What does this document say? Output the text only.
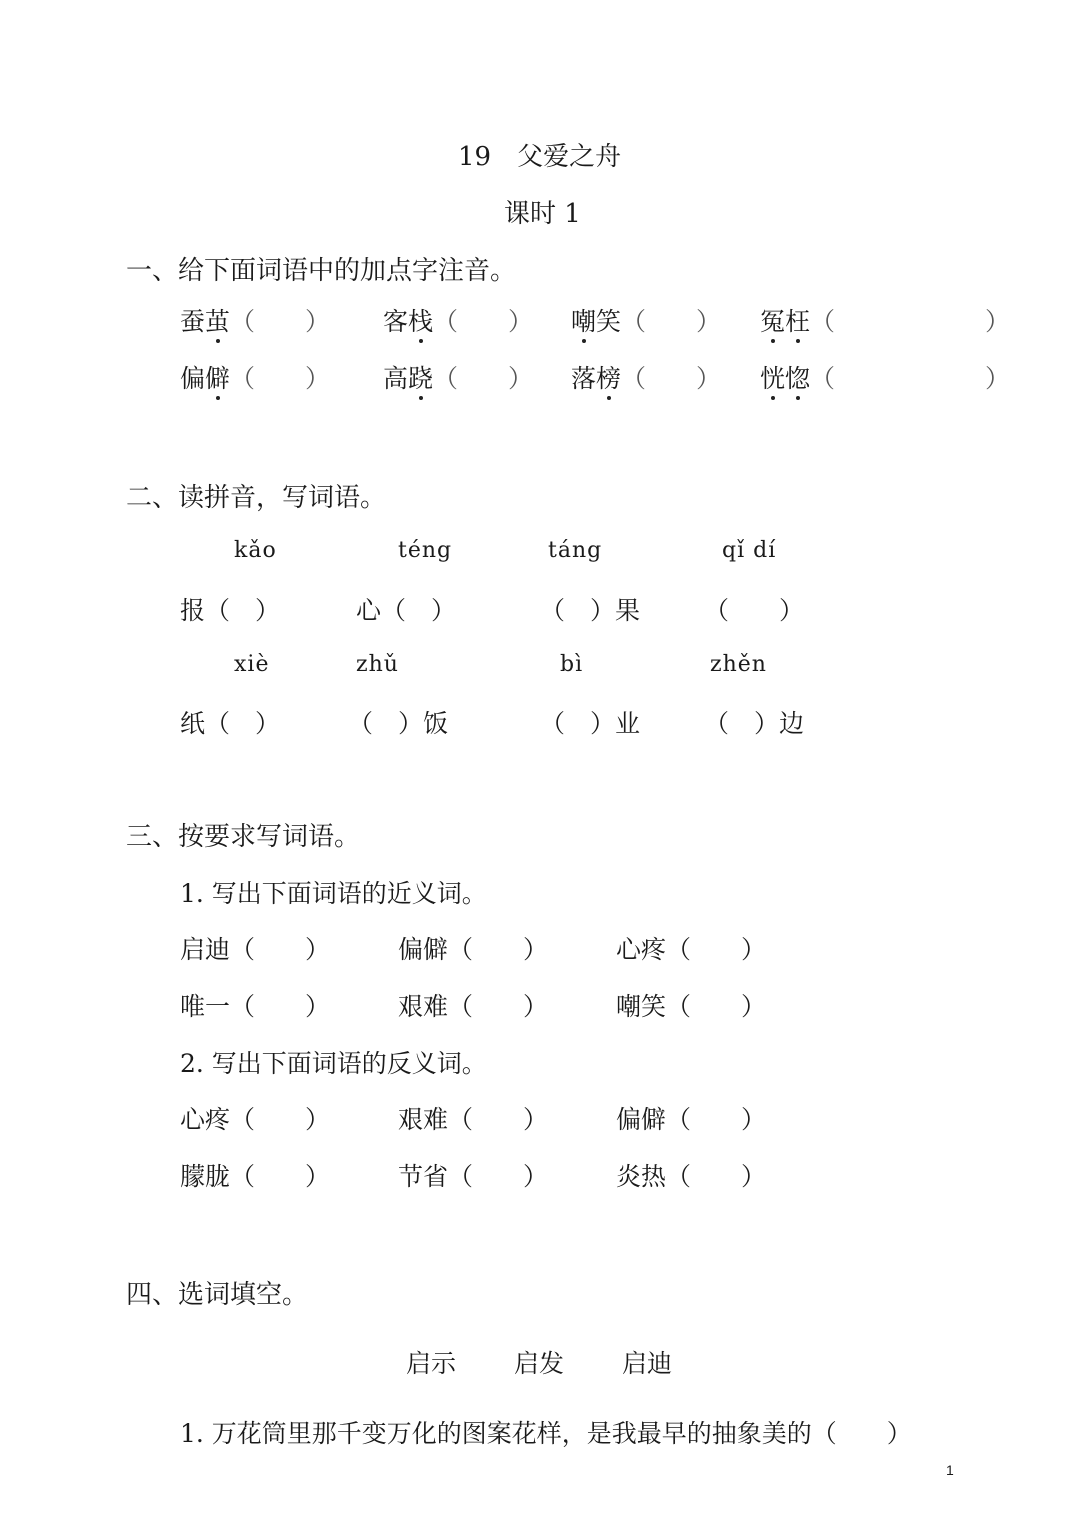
19　父爱之舟
课时 1
一、给下面词语中的加点字注音。
蚕茧（　　） 客栈（　　） 嘲笑（　　） 冤枉（　　　　　　）
偏僻（　　） 高跷（　　） 落榜（　　） 恍惚（　　　　　　）
二、读拼音，写词语。
kǎo	téng	táng	qǐ dí
报（　）	心（　）	（　）果	（　　）
xiè	zhǔ	bì	zhěn
纸（　）	（　）饭	（　）业	（　）边
三、按要求写词语。
1. 写出下面词语的近义词。
启迪（　　）	偏僻（　　）	心疼（　　）
唯一（　　）	艰难（　　）	嘲笑（　　）
2. 写出下面词语的反义词。
心疼（　　）	艰难（　　）	偏僻（　　）
朦胧（　　）	节省（　　）	炎热（　　）
四、选词填空。
启示 启发 启迪
1. 万花筒里那千变万化的图案花样，是我最早的抽象美的（　　）
1
